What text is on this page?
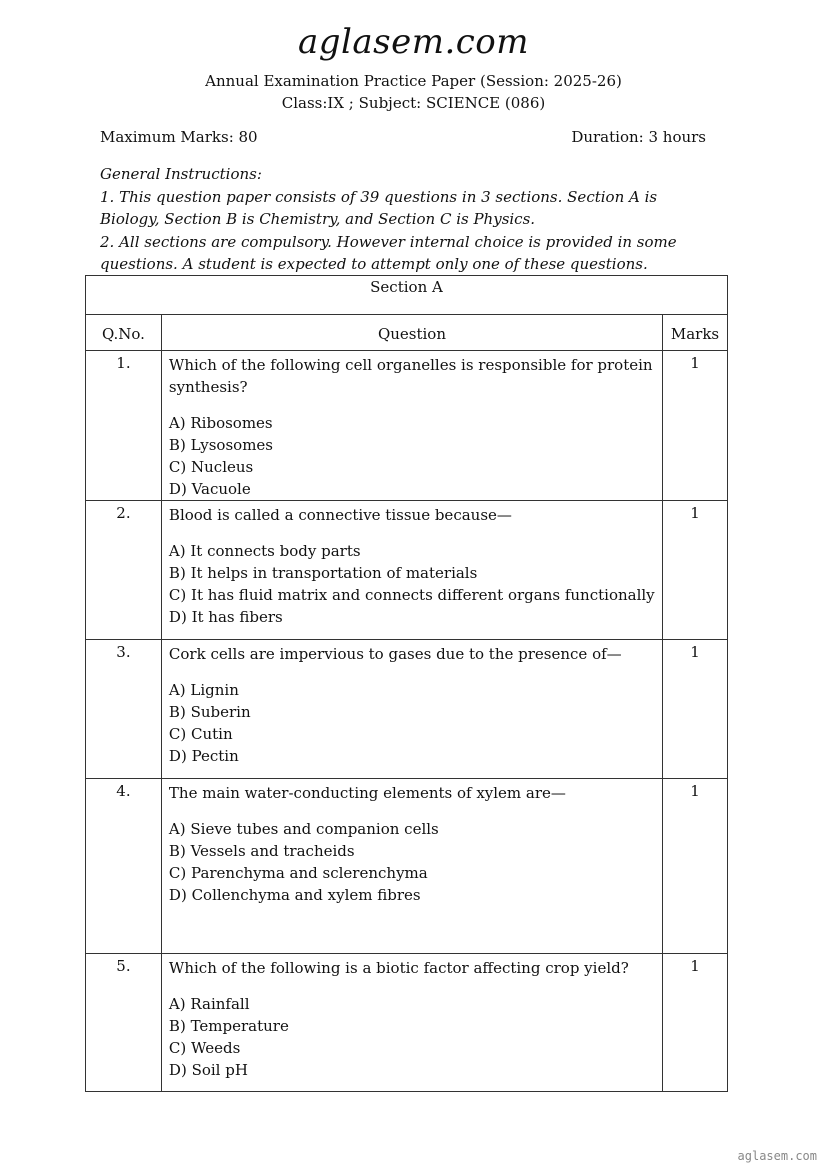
aglasem.com
Annual Examination Practice Paper (Session: 2025-26)
Class:IX ; Subject: SCIENCE (086)
Maximum Marks: 80	Duration: 3 hours
General Instructions:
1. This question paper consists of 39 questions in 3 sections. Section A is Biology, Section B is Chemistry, and Section C is Physics.
2. All sections are compulsory. However internal choice is provided in some questions. A student is expected to attempt only one of these questions.
Section A		
Q.No.	Question	Marks
1.	Which of the following cell organelles is responsible for protein synthesis?
A) Ribosomes
B) Lysosomes
C) Nucleus
D) Vacuole	1
2.	Blood is called a connective tissue because—
A) It connects body parts
B) It helps in transportation of materials
C) It has fluid matrix and connects different organs functionally
D) It has fibers	1
3.	Cork cells are impervious to gases due to the presence of—
A) Lignin
B) Suberin
C) Cutin
D) Pectin	1
4.	The main water-conducting elements of xylem are—
A) Sieve tubes and companion cells
B) Vessels and tracheids
C) Parenchyma and sclerenchyma
D) Collenchyma and xylem fibres	1
5.	Which of the following is a biotic factor affecting crop yield?
A) Rainfall
B) Temperature
C) Weeds
D) Soil pH	1
aglasem.com
